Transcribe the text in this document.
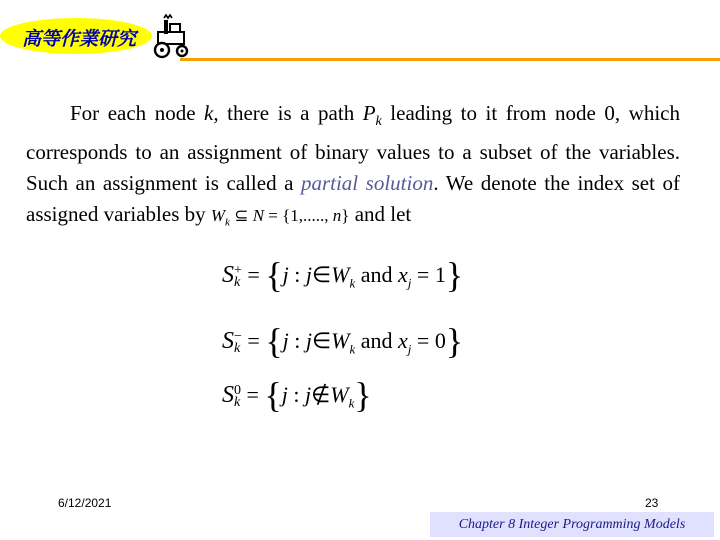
高等作業研究

For each node k, there is a path $P_k$ leading to it from node 0, which corresponds to an assignment of binary values to a subset of the variables. Such an assignment is called a partial solution. We denote the index set of assigned variables by $W_k$ ⊆ N = {1,....., n} and let

S +
k = {j : $j\in W_k$ and $x_j = 1$}
S −
k = {j : $j\in W_k$ and $x_j = 0$}
S 0
k = {j : $j\notin W_k$}
6/12/2021	23
Chapter 8 Integer Programming Models
